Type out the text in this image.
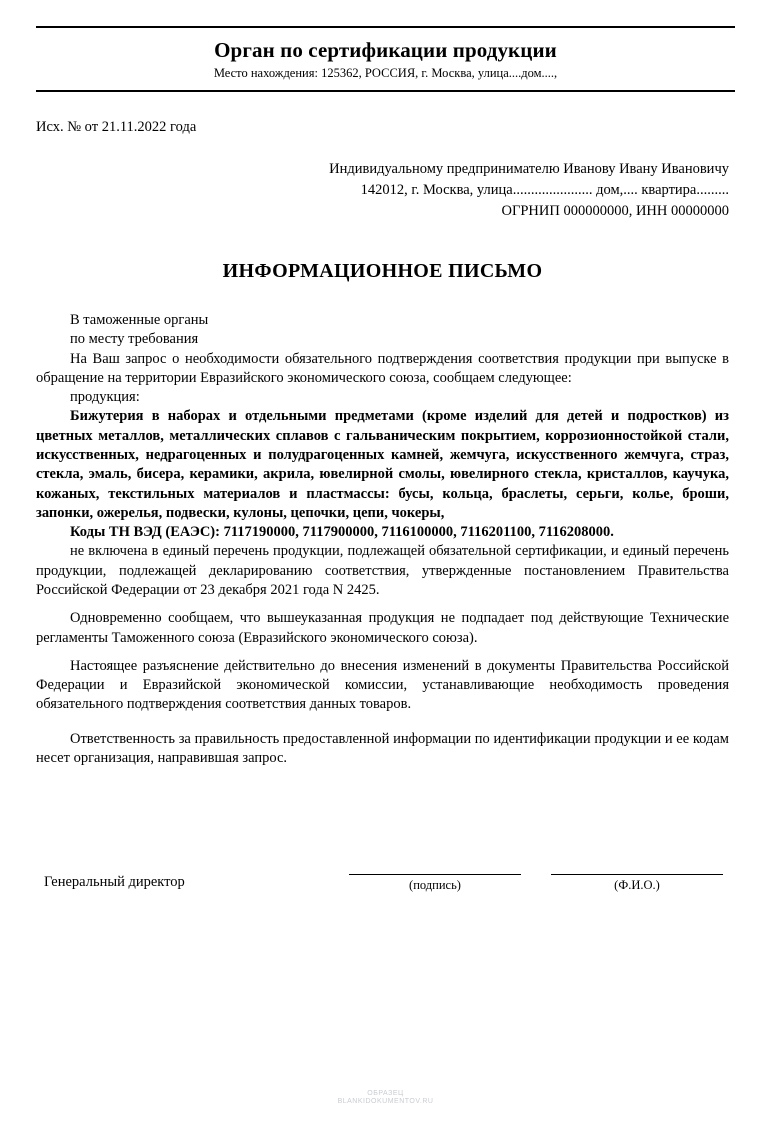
Орган по сертификации продукции
Место нахождения: 125362, РОССИЯ, г. Москва, улица....дом....,
Исх. № от 21.11.2022 года
Индивидуальному предпринимателю Иванову Ивану Ивановичу
142012, г. Москва, улица...................... дом,.... квартира.........
ОГРНИП 000000000, ИНН 00000000
ИНФОРМАЦИОННОЕ ПИСЬМО
В таможенные органы
по месту требования
На Ваш запрос о необходимости обязательного подтверждения соответствия продукции при выпуске в обращение на территории Евразийского экономического союза, сообщаем следующее:
продукция:
Бижутерия в наборах и отдельными предметами (кроме изделий для детей и подростков) из цветных металлов, металлических сплавов с гальваническим покрытием, коррозионностойкой стали, искусственных, недрагоценных и полудрагоценных камней, жемчуга, искусственного жемчуга, страз, стекла, эмаль, бисера, керамики, акрила, ювелирной смолы, ювелирного стекла, кристаллов, каучука, кожаных, текстильных материалов и пластмассы: бусы, кольца, браслеты, серьги, колье, броши, запонки, ожерелья, подвески, кулоны, цепочки, цепи, чокеры,
Коды ТН ВЭД (ЕАЭС): 7117190000, 7117900000, 7116100000, 7116201100, 7116208000.
не включена в единый перечень продукции, подлежащей обязательной сертификации, и единый перечень продукции, подлежащей декларированию соответствия, утвержденные постановлением Правительства Российской Федерации от 23 декабря 2021 года N 2425.
Одновременно сообщаем, что вышеуказанная продукция не подпадает под действующие Технические регламенты Таможенного союза (Евразийского экономического союза).
Настоящее разъяснение действительно до внесения изменений в документы Правительства Российской Федерации и Евразийской экономической комиссии, устанавливающие необходимость проведения обязательного подтверждения соответствия данных товаров.
Ответственность за правильность предоставленной информации по идентификации продукции и ее кодам несет организация, направившая запрос.
Генеральный директор	(подпись)	(Ф.И.О.)
ОБРАЗЕЦ
BLANKIDOKUMENTOV.RU
